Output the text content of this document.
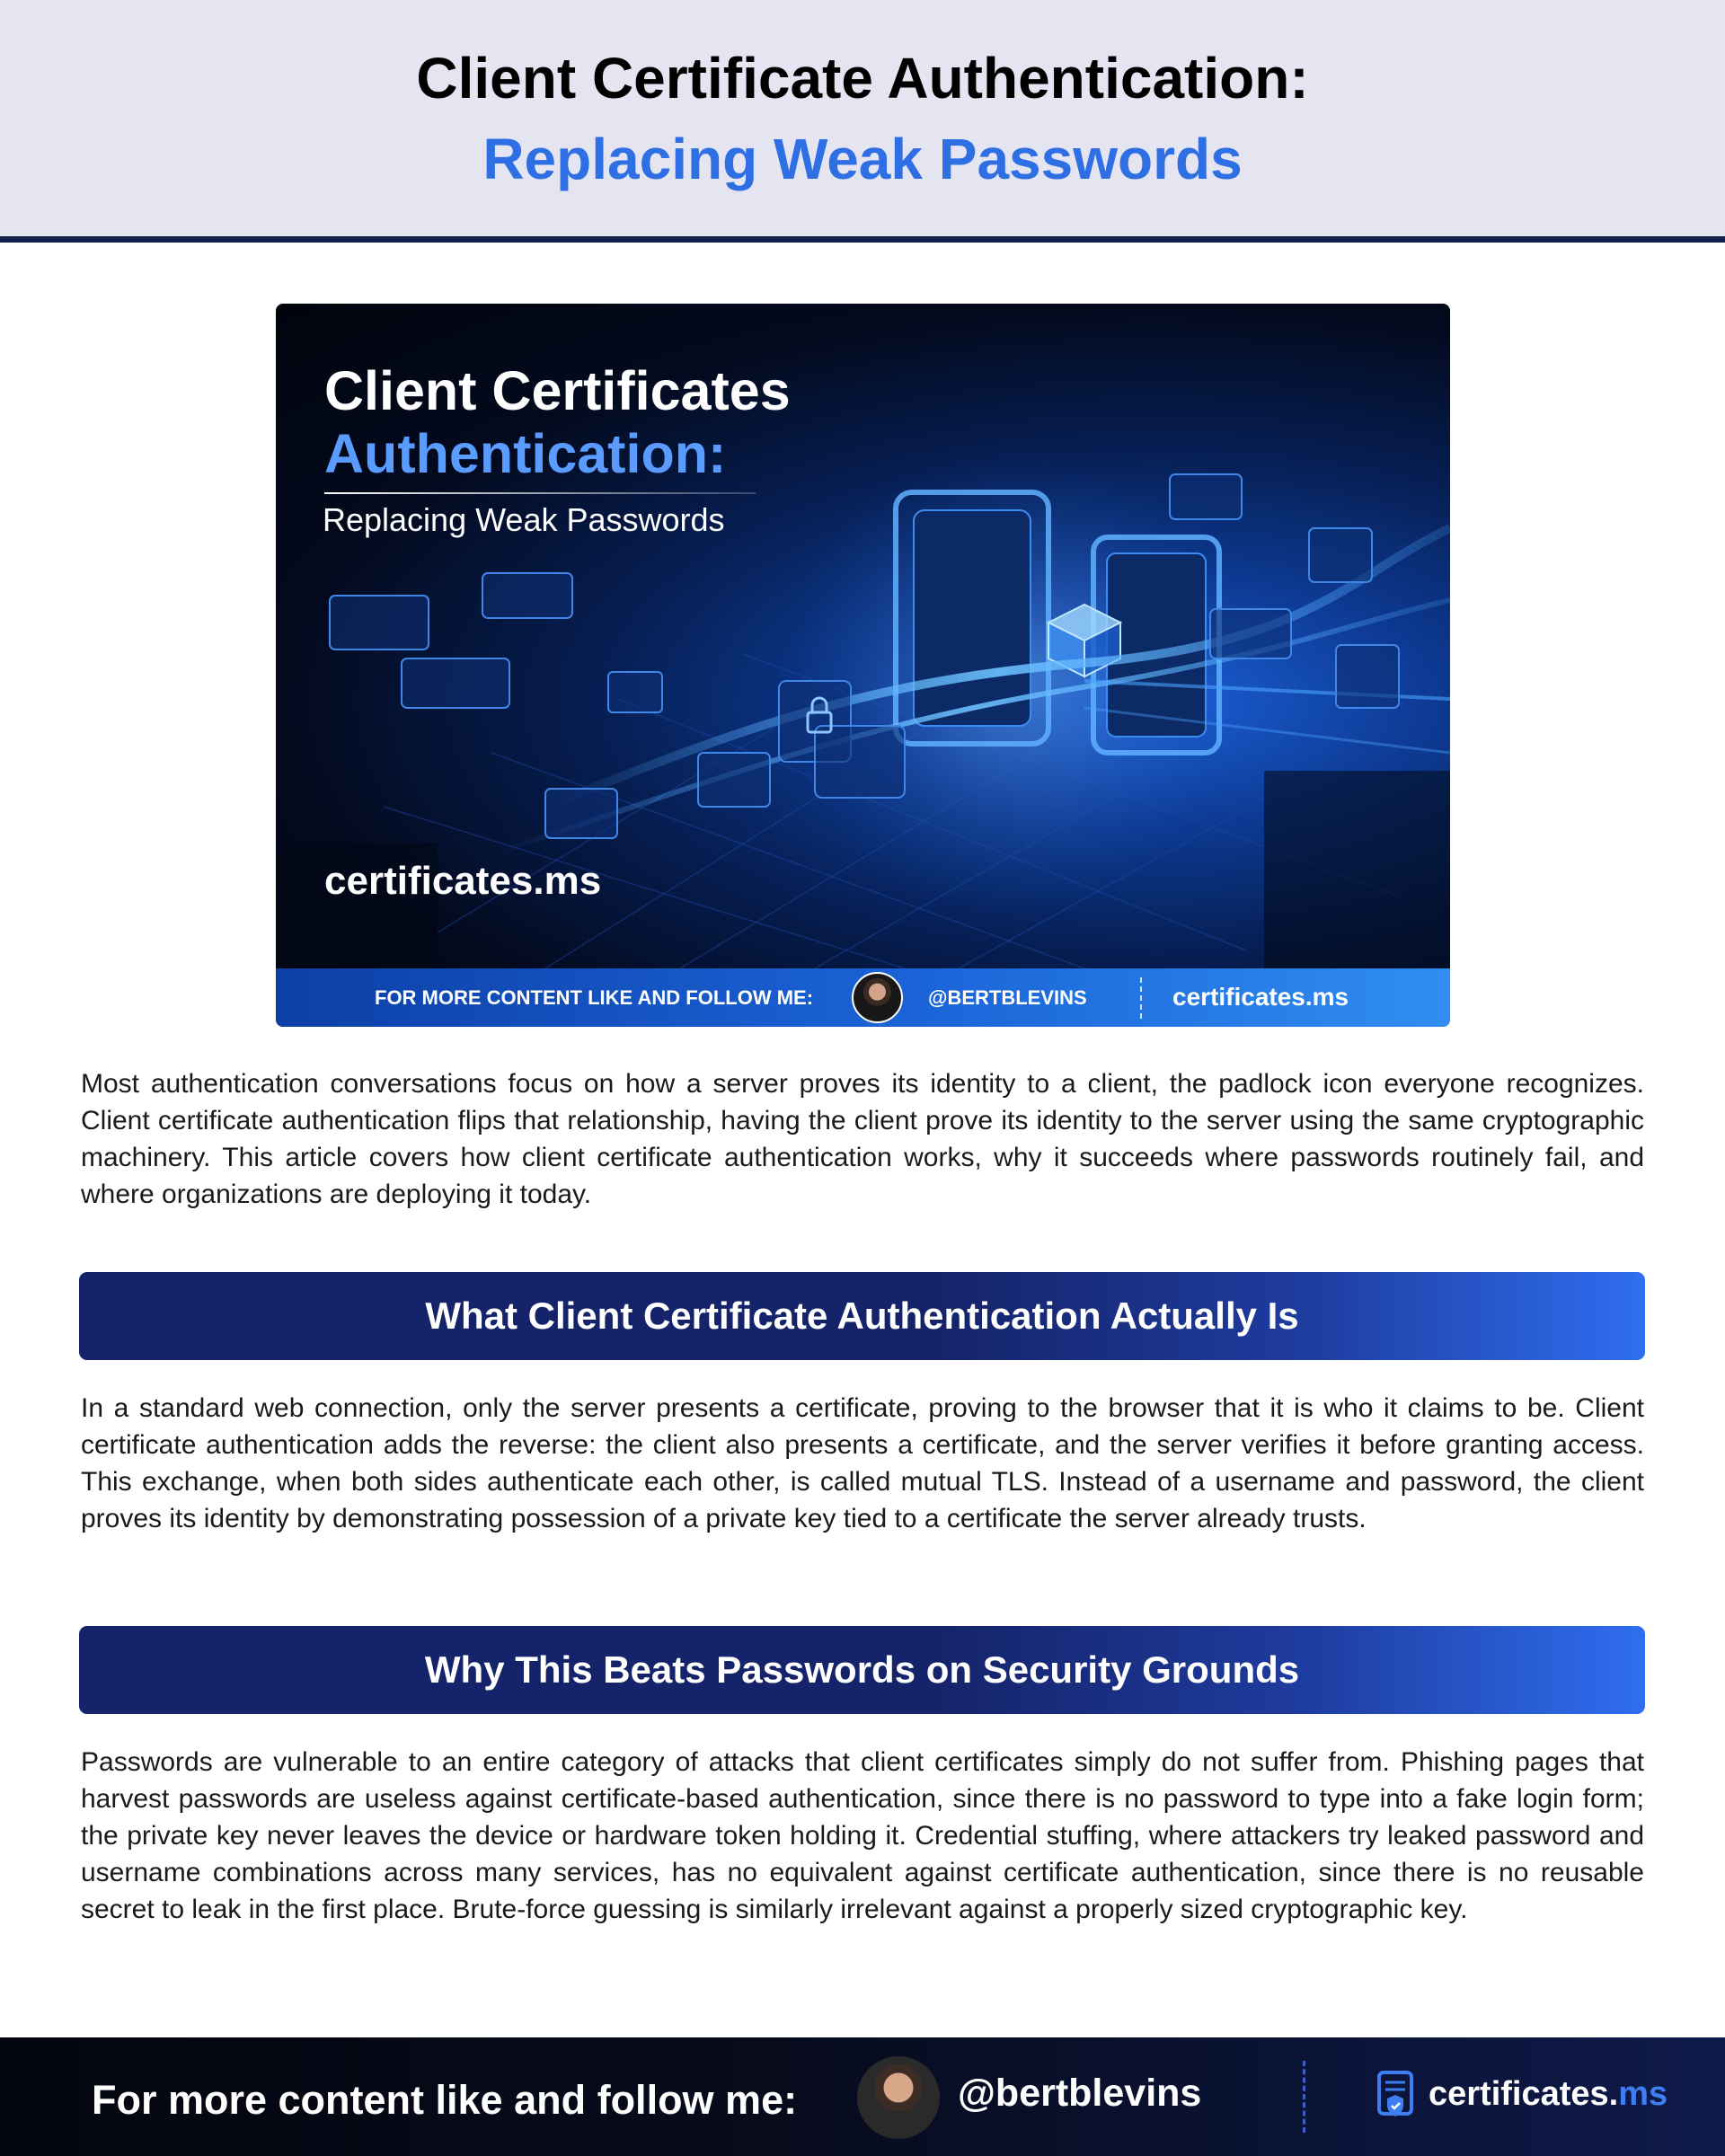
Client Certificate Authentication:
Replacing Weak Passwords
Client Certificates
Authentication:
Replacing Weak Passwords
certificates.ms
FOR MORE CONTENT LIKE AND FOLLOW ME:	@BERTBLEVINS	certificates.ms

Most authentication conversations focus on how a server proves its identity to a client, the padlock icon everyone recognizes. Client certificate authentication flips that relationship, having the client prove its identity to the server using the same cryptographic machinery. This article covers how client certificate authentication works, why it succeeds where passwords routinely fail, and where organizations are deploying it today.

What Client Certificate Authentication Actually Is

In a standard web connection, only the server presents a certificate, proving to the browser that it is who it claims to be. Client certificate authentication adds the reverse: the client also presents a certificate, and the server verifies it before granting access. This exchange, when both sides authenticate each other, is called mutual TLS. Instead of a username and password, the client proves its identity by demonstrating possession of a private key tied to a certificate the server already trusts.

Why This Beats Passwords on Security Grounds

Passwords are vulnerable to an entire category of attacks that client certificates simply do not suffer from. Phishing pages that harvest passwords are useless against certificate-based authentication, since there is no password to type into a fake login form; the private key never leaves the device or hardware token holding it. Credential stuffing, where attackers try leaked password and username combinations across many services, has no equivalent against certificate authentication, since there is no reusable secret to leak in the first place. Brute-force guessing is similarly irrelevant against a properly sized cryptographic key.

For more content like and follow me:	@bertblevins	certificates.ms
